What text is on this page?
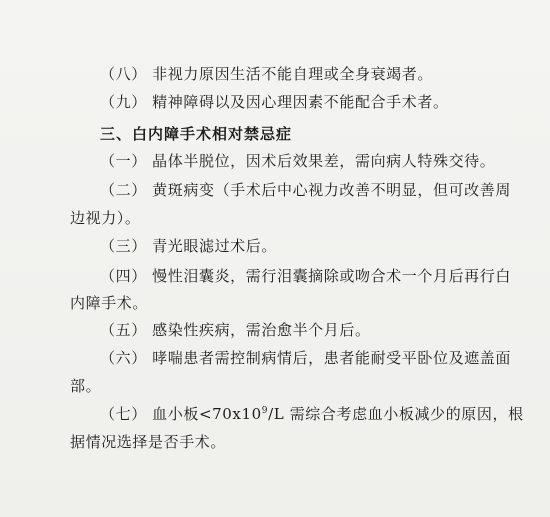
（八） 非视力原因生活不能自理或全身衰竭者。
（九） 精神障碍以及因心理因素不能配合手术者。
三、白内障手术相对禁忌症
（一） 晶体半脱位，因术后效果差，需向病人特殊交待。
（二） 黄斑病变（手术后中心视力改善不明显，但可改善周
边视力）。
（三） 青光眼滤过术后。
（四） 慢性泪囊炎，需行泪囊摘除或吻合术一个月后再行白
内障手术。
（五） 感染性疾病，需治愈半个月后。
（六） 哮喘患者需控制病情后，患者能耐受平卧位及遮盖面
部。
（七） 血小板$<70x10^9/L$ 需综合考虑血小板减少的原因，根
据情况选择是否手术。
